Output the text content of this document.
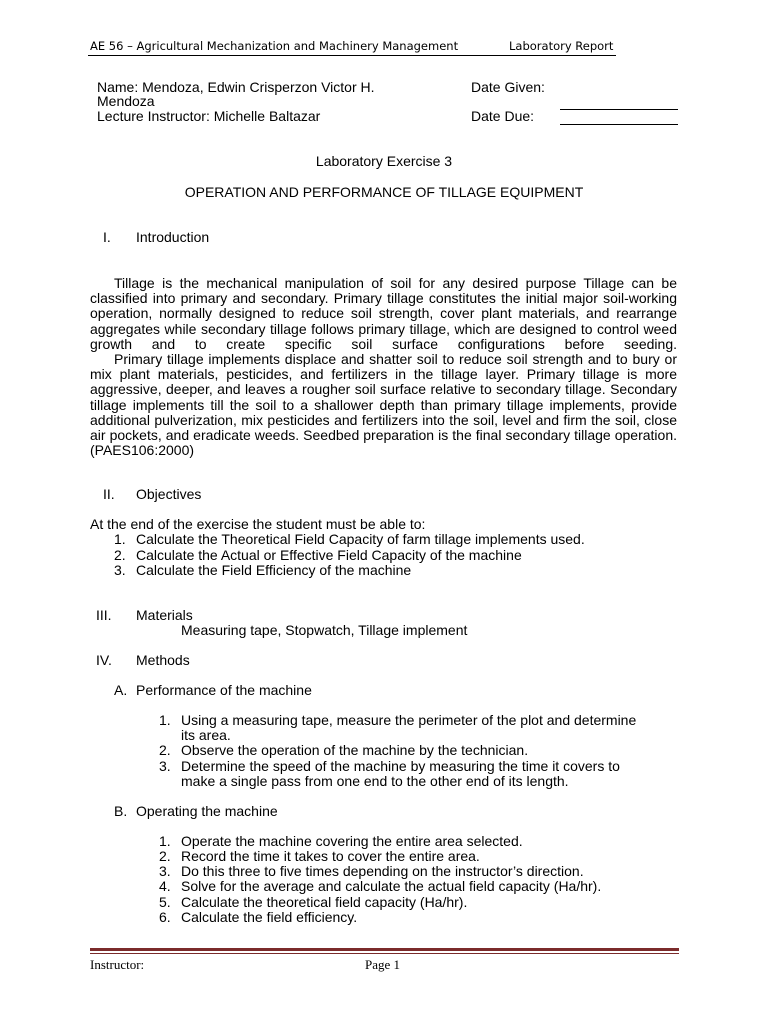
AE 56 – Agricultural Mechanization and Machinery Management	Laboratory Report
Name: Mendoza, Edwin Crisperzon Victor H.
Mendoza
Lecture Instructor: Michelle Baltazar
Date Given:
Date Due:
Laboratory Exercise 3
OPERATION AND PERFORMANCE OF TILLAGE EQUIPMENT
I. Introduction

Tillage is the mechanical manipulation of soil for any desired purpose Tillage can be classified into primary and secondary. Primary tillage constitutes the initial major soil-working operation, normally designed to reduce soil strength, cover plant materials, and rearrange aggregates while secondary tillage follows primary tillage, which are designed to control weed growth and to create specific soil surface configurations before seeding.

Primary tillage implements displace and shatter soil to reduce soil strength and to bury or mix plant materials, pesticides, and fertilizers in the tillage layer. Primary tillage is more aggressive, deeper, and leaves a rougher soil surface relative to secondary tillage. Secondary tillage implements till the soil to a shallower depth than primary tillage implements, provide additional pulverization, mix pesticides and fertilizers into the soil, level and firm the soil, close air pockets, and eradicate weeds. Seedbed preparation is the final secondary tillage operation. (PAES106:2000)

II. Objectives
At the end of the exercise the student must be able to:
1. Calculate the Theoretical Field Capacity of farm tillage implements used.
2. Calculate the Actual or Effective Field Capacity of the machine
3. Calculate the Field Efficiency of the machine
III. Materials
Measuring tape, Stopwatch, Tillage implement
IV. Methods
A. Performance of the machine
1. Using a measuring tape, measure the perimeter of the plot and determine
its area.
2. Observe the operation of the machine by the technician.
3. Determine the speed of the machine by measuring the time it covers to
make a single pass from one end to the other end of its length.
B. Operating the machine
1. Operate the machine covering the entire area selected.
2. Record the time it takes to cover the entire area.
3. Do this three to five times depending on the instructor’s direction.
4. Solve for the average and calculate the actual field capacity (Ha/hr).
5. Calculate the theoretical field capacity (Ha/hr).
6. Calculate the field efficiency.
Instructor:	Page 1
